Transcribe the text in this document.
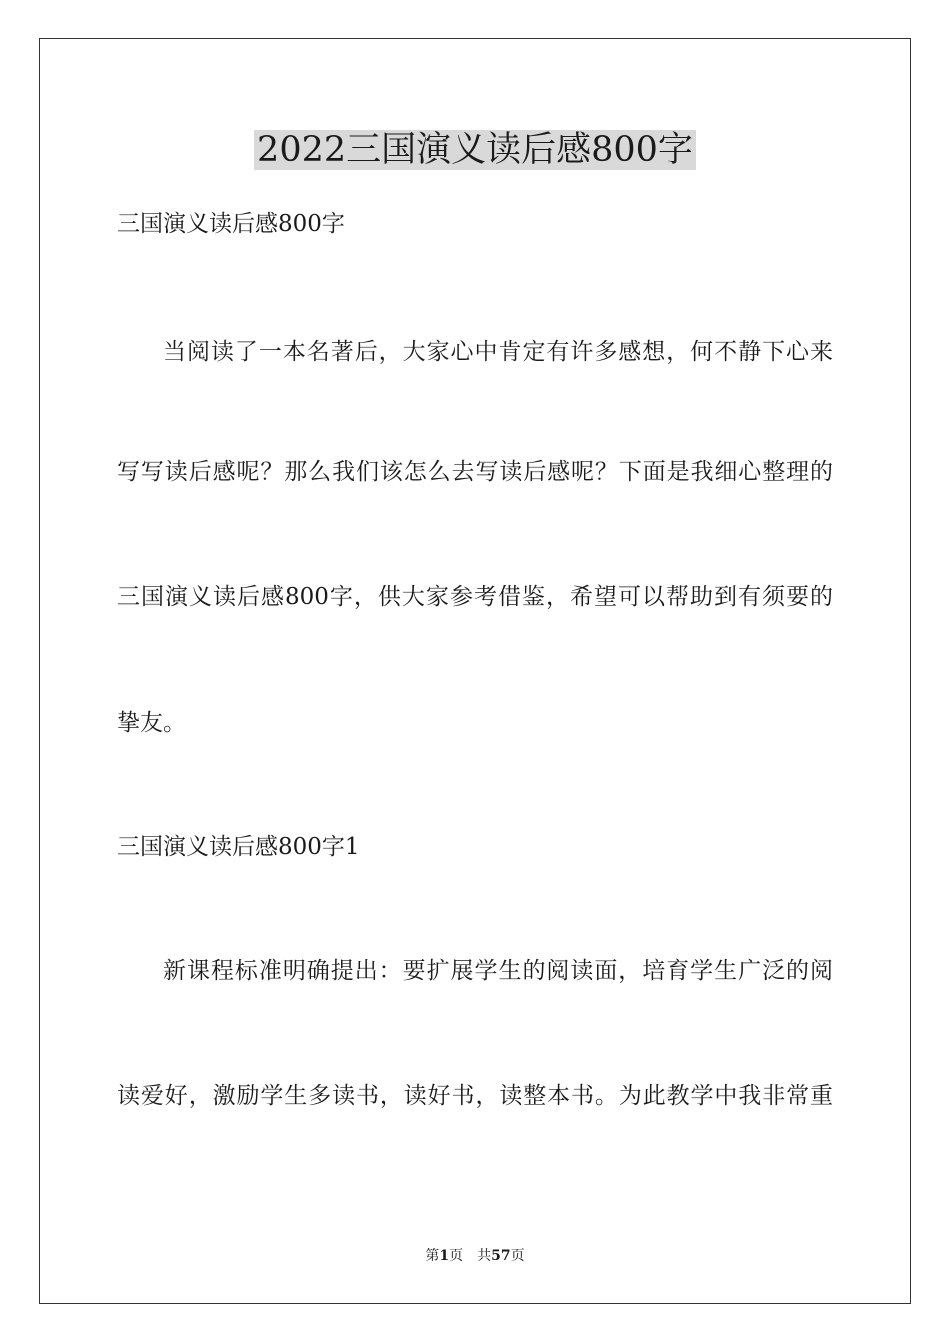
2022三国演义读后感800字

三国演义读后感800字

当阅读了一本名著后，大家心中肯定有许多感想，何不静下心来

写写读后感呢？那么我们该怎么去写读后感呢？下面是我细心整理的

三国演义读后感800字，供大家参考借鉴，希望可以帮助到有须要的

挚友。

三国演义读后感800字1

新课程标准明确提出：要扩展学生的阅读面，培育学生广泛的阅

读爱好，激励学生多读书，读好书，读整本书。为此教学中我非常重

第1页 共57页
